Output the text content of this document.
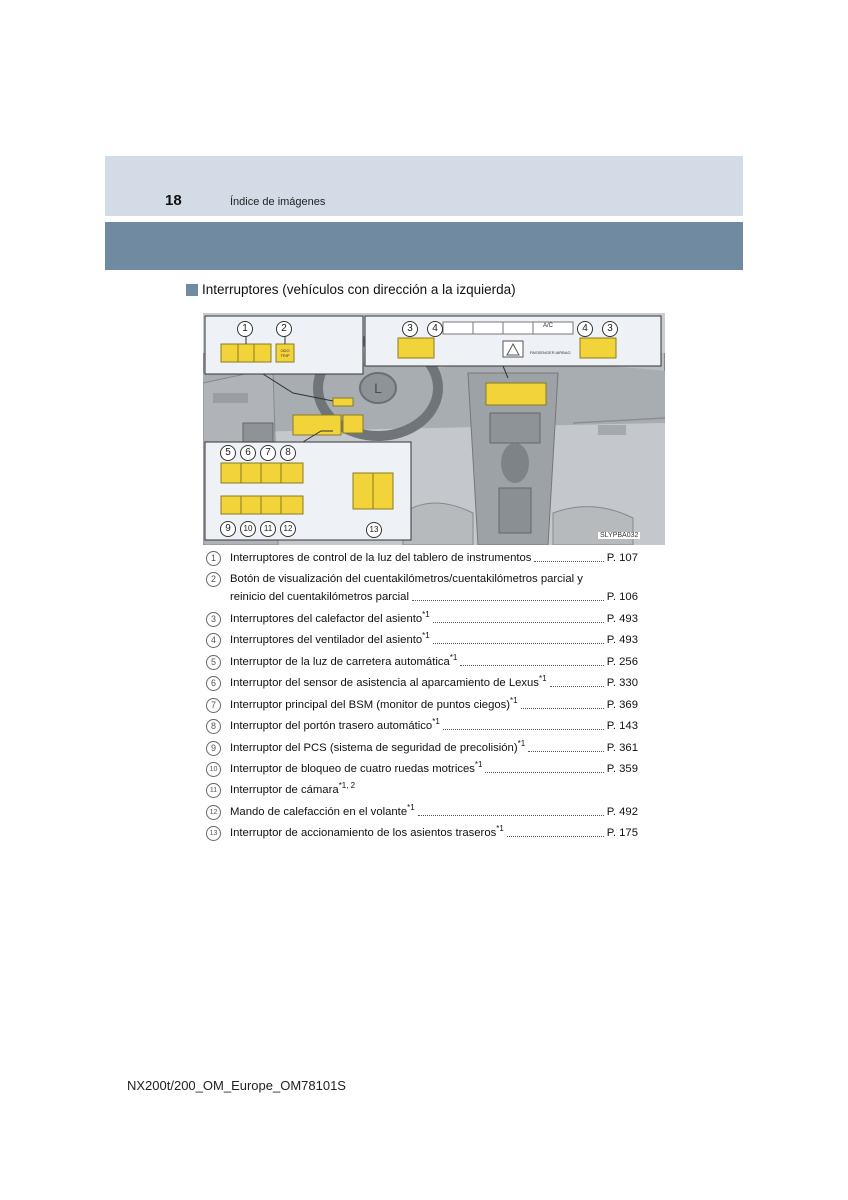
18	Índice de imágenes
Interruptores (vehículos con dirección a la izquierda)
L
1	2	3	4	4	3
5	6	7	8
9	10	11	12	13
A/C
PASSENGER AIRBAG
ODO TRIP
SLYPBA032
1	Interruptores de control de la luz del tablero de instrumentos	P. 107
2	Botón de visualización del cuentakilómetros/cuentakilómetros parcial y
reinicio del cuentakilómetros parcial	P. 106
3	Interruptores del calefactor del asiento$^{*1}$	P. 493
4	Interruptores del ventilador del asiento$^{*1}$	P. 493
5	Interruptor de la luz de carretera automática$^{*1}$	P. 256
6	Interruptor del sensor de asistencia al aparcamiento de Lexus$^{*1}$	P. 330
7	Interruptor principal del BSM (monitor de puntos ciegos)$^{*1}$	P. 369
8	Interruptor del portón trasero automático$^{*1}$	P. 143
9	Interruptor del PCS (sistema de seguridad de precolisión)$^{*1}$	P. 361
10	Interruptor de bloqueo de cuatro ruedas motrices$^{*1}$	P. 359
11	Interruptor de cámara$^{*1, 2}$
12	Mando de calefacción en el volante$^{*1}$	P. 492
13	Interruptor de accionamiento de los asientos traseros$^{*1}$	P. 175
NX200t/200_OM_Europe_OM78101S
